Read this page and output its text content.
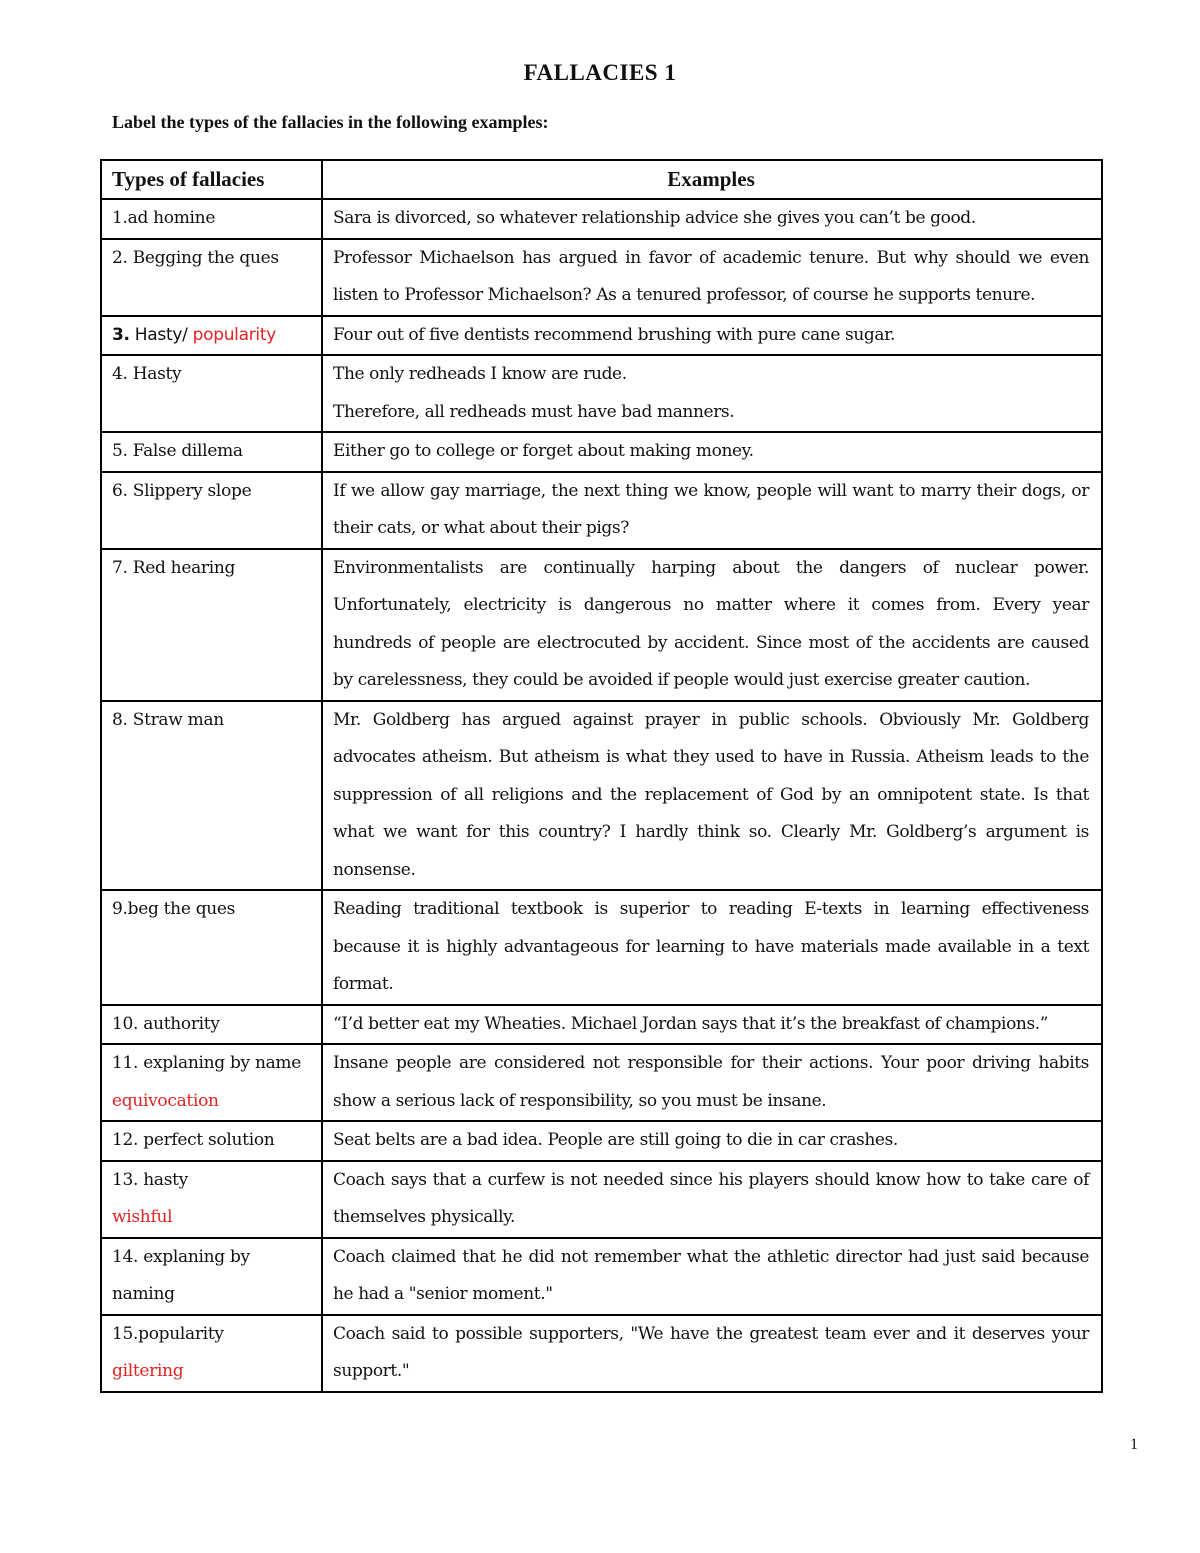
FALLACIES 1
Label the types of the fallacies in the following examples:
Types of fallacies	Examples
1.ad homine	Sara is divorced, so whatever relationship advice she gives you can’t be good.
2. Begging the ques	Professor Michaelson has argued in favor of academic tenure. But why should we even listen to Professor Michaelson? As a tenured professor, of course he supports tenure.
3. Hasty/ popularity	Four out of five dentists recommend brushing with pure cane sugar.
4. Hasty	The only redheads I know are rude.
Therefore, all redheads must have bad manners.

5. False dillema	Either go to college or forget about making money.
6. Slippery slope	If we allow gay marriage, the next thing we know, people will want to marry their dogs, or their cats, or what about their pigs?
7. Red hearing	Environmentalists are continually harping about the dangers of nuclear power. Unfortunately, electricity is dangerous no matter where it comes from. Every year hundreds of people are electrocuted by accident. Since most of the accidents are caused by carelessness, they could be avoided if people would just exercise greater caution.
8. Straw man	Mr. Goldberg has argued against prayer in public schools. Obviously Mr. Goldberg advocates atheism. But atheism is what they used to have in Russia. Atheism leads to the suppression of all religions and the replacement of God by an omnipotent state. Is that what we want for this country? I hardly think so. Clearly Mr. Goldberg’s argument is nonsense.
9.beg the ques	Reading traditional textbook is superior to reading E-texts in learning effectiveness because it is highly advantageous for learning to have materials made available in a text format.
10. authority	“I’d better eat my Wheaties. Michael Jordan says that it’s the breakfast of champions.”

11. explaning by name
equivocation	Insane people are considered not responsible for their actions. Your poor driving habits show a serious lack of responsibility, so you must be insane.
12. perfect solution	Seat belts are a bad idea. People are still going to die in car crashes.

13. hasty
wishful	Coach says that a curfew is not needed since his players should know how to take care of themselves physically.
14. explaning by naming	Coach claimed that he did not remember what the athletic director had just said because he had a "senior moment."

15.popularity
giltering	Coach said to possible supporters, "We have the greatest team ever and it deserves your support."
1
